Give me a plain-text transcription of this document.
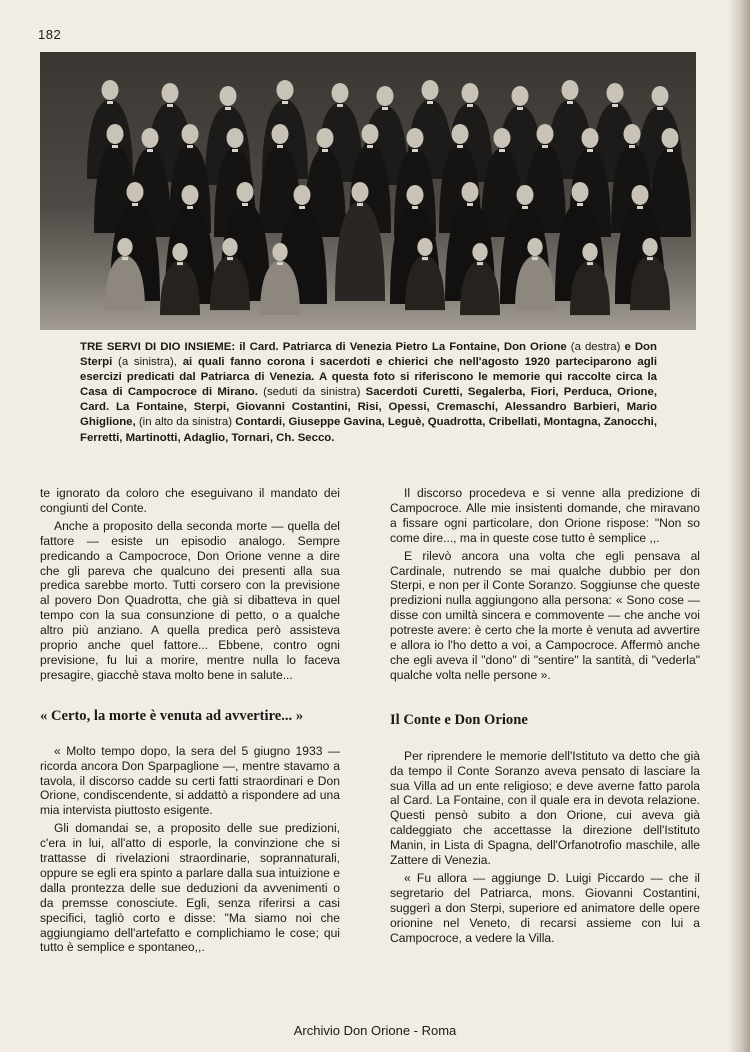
182
TRE SERVI DI DIO INSIEME: il Card. Patriarca di Venezia Pietro La Fontaine, Don Orione (a destra) e Don Sterpi (a sinistra), ai quali fanno corona i sacerdoti e chierici che nell'agosto 1920 parteciparono agli esercizi predicati dal Patriarca di Venezia. A questa foto si riferiscono le memorie qui raccolte circa la Casa di Campocroce di Mirano. (seduti da sinistra) Sacerdoti Curetti, Segalerba, Fiori, Perduca, Orione, Card. La Fontaine, Sterpi, Giovanni Costantini, Risi, Opessi, Cremaschi, Alessandro Barbieri, Mario Ghiglione, (in alto da sinistra) Contardi, Giuseppe Gavina, Leguè, Quadrotta, Cribellati, Montagna, Zanocchi, Ferretti, Martinotti, Adaglio, Tornari, Ch. Secco.

te ignorato da coloro che eseguivano il mandato dei congiunti del Conte.

Anche a proposito della seconda morte — quella del fattore — esiste un episodio analogo. Sempre predicando a Campocroce, Don Orione venne a dire che gli pareva che qualcuno dei presenti alla sua predica sarebbe morto. Tutti corsero con la previsione al povero Don Quadrotta, che già si dibatteva in quel tempo con la sua consunzione di petto, o a qualche altro più anziano. A quella predica però assisteva proprio anche quel fattore... Ebbene, contro ogni previsione, fu lui a morire, mentre nulla lo faceva presagire, giacchè stava molto bene in salute...

« Certo, la morte è venuta ad avvertire... »

« Molto tempo dopo, la sera del 5 giugno 1933 — ricorda ancora Don Sparpaglione —, mentre stavamo a tavola, il discorso cadde su certi fatti straordinari e Don Orione, condiscendente, si addattò a rispondere ad una mia intervista piuttosto esigente.

Gli domandai se, a proposito delle sue predizioni, c'era in lui, all'atto di esporle, la convinzione che si trattasse di rivelazioni straordinarie, soprannaturali, oppure se egli era spinto a parlare dalla sua intuizione e dalla prontezza delle sue deduzioni da avvenimenti o da premsse conosciute. Egli, senza riferirsi a casi specifici, tagliò corto e disse: "Ma siamo noi che aggiungiamo dell'artefatto e complichiamo le cose; qui tutto è semplice e spontaneo,,.

Il discorso procedeva e si venne alla predizione di Campocroce. Alle mie insistenti domande, che miravano a fissare ogni particolare, don Orione rispose: "Non so come dire..., ma in queste cose tutto è semplice ,,.

E rilevò ancora una volta che egli pensava al Cardinale, nutrendo se mai qualche dubbio per don Sterpi, e non per il Conte Soranzo. Soggiunse che queste predizioni nulla aggiungono alla persona: « Sono cose — disse con umiltà sincera e commovente — che anche voi potreste avere: è certo che la morte è venuta ad avvertire e allora io l'ho detto a voi, a Campocroce. Affermò anche che egli aveva il "dono" di "sentire" la santità, di "vederla" qualche volta nelle persone ».

Il Conte e Don Orione

Per riprendere le memorie dell'Istituto va detto che già da tempo il Conte Soranzo aveva pensato di lasciare la sua Villa ad un ente religioso; e deve averne fatto parola al Card. La Fontaine, con il quale era in devota relazione. Questi pensò subito a don Orione, cui aveva già caldeggiato che accettasse la direzione dell'Istituto Manin, in Lista di Spagna, dell'Orfanotrofio maschile, alle Zattere di Venezia.

« Fu allora — aggiunge D. Luigi Piccardo — che il segretario del Patriarca, mons. Giovanni Costantini, suggerì a don Sterpi, superiore ed animatore delle opere orionine nel Veneto, di recarsi assieme con lui a Campocroce, a vedere la Villa.

Archivio Don Orione - Roma
